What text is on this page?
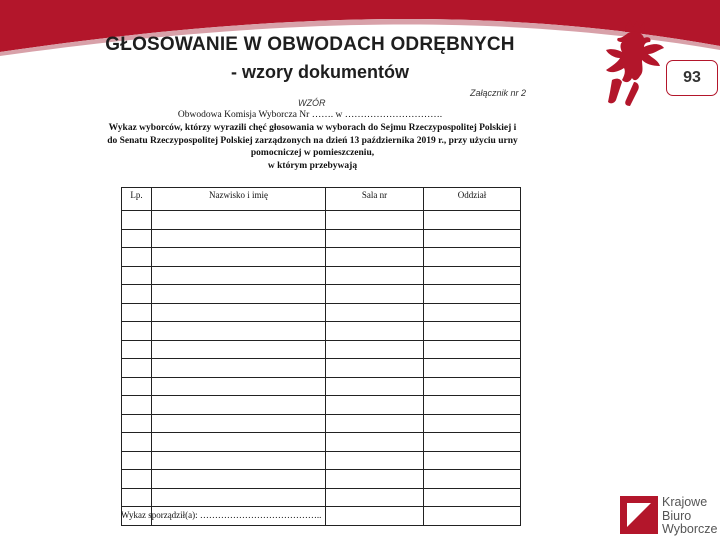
GŁOSOWANIE W OBWODACH ODRĘBNYCH
- wzory dokumentów	93
Załącznik nr 2
WZÓR
Obwodowa Komisja Wyborcza Nr ……. w ………………………….
Wykaz wyborców, którzy wyrazili chęć głosowania w wyborach do Sejmu Rzeczypospolitej Polskiej i
do Senatu Rzeczypospolitej Polskiej zarządzonych na dzień 13 października 2019 r., przy użyciu urny
pomocniczej w pomieszczeniu,
w którym przebywają
Lp.	Nazwisko i imię	Sala nr	Oddział

Wykaz sporządził(a): …………………………………..
Krajowe
Biuro
Wyborcze
